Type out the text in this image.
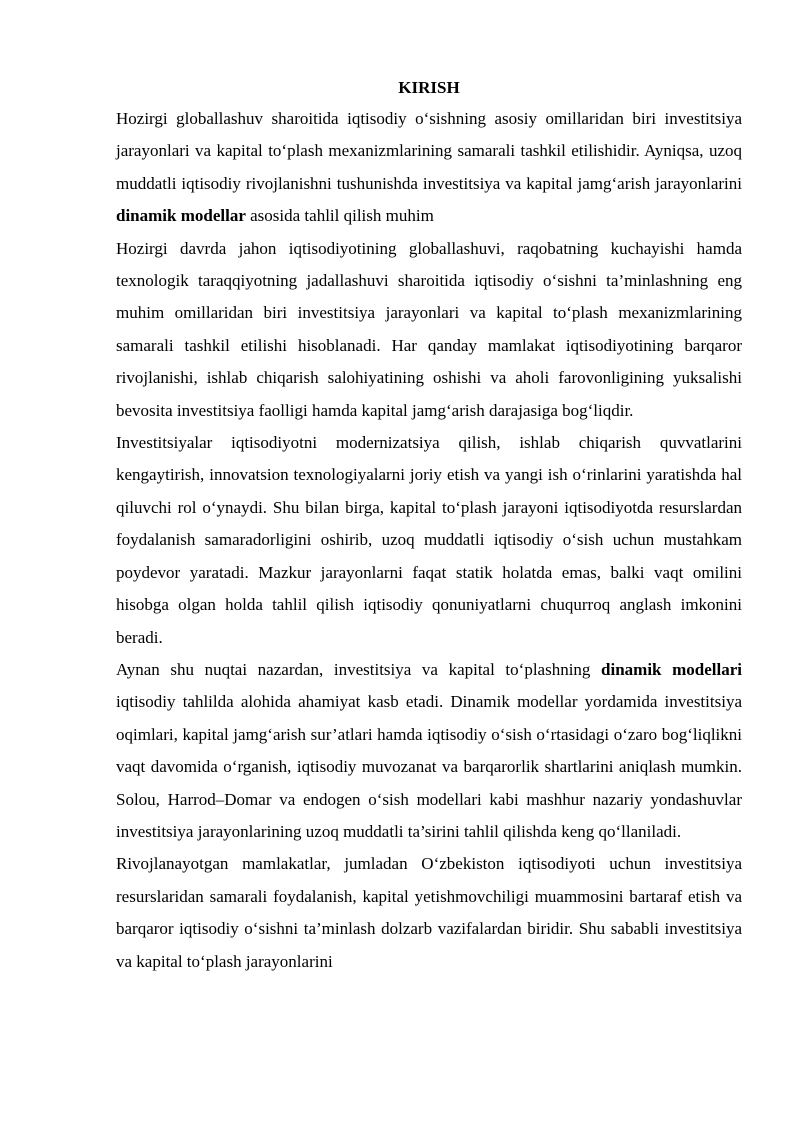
KIRISH

Hozirgi globallashuv sharoitida iqtisodiy o‘sishning asosiy omillaridan biri investitsiya jarayonlari va kapital to‘plash mexanizmlarining samarali tashkil etilishidir. Ayniqsa, uzoq muddatli iqtisodiy rivojlanishni tushunishda investitsiya va kapital jamg‘arish jarayonlarini dinamik modellar asosida tahlil qilish muhim

Hozirgi davrda jahon iqtisodiyotining globallashuvi, raqobatning kuchayishi hamda texnologik taraqqiyotning jadallashuvi sharoitida iqtisodiy o‘sishni ta’minlashning eng muhim omillaridan biri investitsiya jarayonlari va kapital to‘plash mexanizmlarining samarali tashkil etilishi hisoblanadi. Har qanday mamlakat iqtisodiyotining barqaror rivojlanishi, ishlab chiqarish salohiyatining oshishi va aholi farovonligining yuksalishi bevosita investitsiya faolligi hamda kapital jamg‘arish darajasiga bog‘liqdir.

Investitsiyalar iqtisodiyotni modernizatsiya qilish, ishlab chiqarish quvvatlarini kengaytirish, innovatsion texnologiyalarni joriy etish va yangi ish o‘rinlarini yaratishda hal qiluvchi rol o‘ynaydi. Shu bilan birga, kapital to‘plash jarayoni iqtisodiyotda resurslardan foydalanish samaradorligini oshirib, uzoq muddatli iqtisodiy o‘sish uchun mustahkam poydevor yaratadi. Mazkur jarayonlarni faqat statik holatda emas, balki vaqt omilini hisobga olgan holda tahlil qilish iqtisodiy qonuniyatlarni chuqurroq anglash imkonini beradi.

Aynan shu nuqtai nazardan, investitsiya va kapital to‘plashning dinamik modellari iqtisodiy tahlilda alohida ahamiyat kasb etadi. Dinamik modellar yordamida investitsiya oqimlari, kapital jamg‘arish sur’atlari hamda iqtisodiy o‘sish o‘rtasidagi o‘zaro bog‘liqlikni vaqt davomida o‘rganish, iqtisodiy muvozanat va barqarorlik shartlarini aniqlash mumkin. Solou, Harrod–Domar va endogen o‘sish modellari kabi mashhur nazariy yondashuvlar investitsiya jarayonlarining uzoq muddatli ta’sirini tahlil qilishda keng qo‘llaniladi.

Rivojlanayotgan mamlakatlar, jumladan O‘zbekiston iqtisodiyoti uchun investitsiya resurslaridan samarali foydalanish, kapital yetishmovchiligi muammosini bartaraf etish va barqaror iqtisodiy o‘sishni ta’minlash dolzarb vazifalardan biridir. Shu sababli investitsiya va kapital to‘plash jarayonlarini
